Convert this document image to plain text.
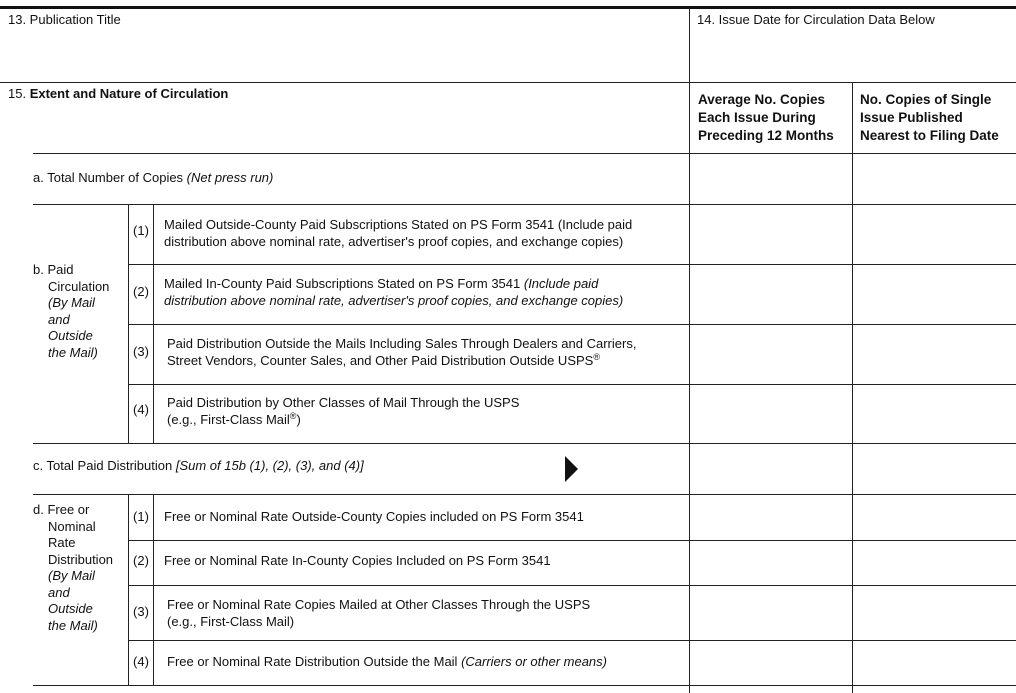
13. Publication Title	14. Issue Date for Circulation Data Below
15. Extent and Nature of Circulation	Average No. Copies
Each Issue During
Preceding 12 Months
No. Copies of Single
Issue Published
Nearest to Filing Date
a. Total Number of Copies (Net press run)
b. Paid
Circulation
(By Mail
and
Outside
the Mail)
(1)	Mailed Outside-County Paid Subscriptions Stated on PS Form 3541 (Include paid
distribution above nominal rate, advertiser's proof copies, and exchange copies)
(2)
Mailed In-County Paid Subscriptions Stated on PS Form 3541 (Include paid
distribution above nominal rate, advertiser's proof copies, and exchange copies)
(3)
Paid Distribution Outside the Mails Including Sales Through Dealers and Carriers,
Street Vendors, Counter Sales, and Other Paid Distribution Outside USPS®
(4)	Paid Distribution by Other Classes of Mail Through the USPS
(e.g., First-Class Mail®)
c. Total Paid Distribution [Sum of 15b (1), (2), (3), and (4)]
d. Free or
Nominal
Rate
Distribution
(By Mail
and
Outside
the Mail)
(1)	Free or Nominal Rate Outside-County Copies included on PS Form 3541
(2)	Free or Nominal Rate In-County Copies Included on PS Form 3541
(3)	Free or Nominal Rate Copies Mailed at Other Classes Through the USPS
(e.g., First-Class Mail)
(4)	Free or Nominal Rate Distribution Outside the Mail (Carriers or other means)
